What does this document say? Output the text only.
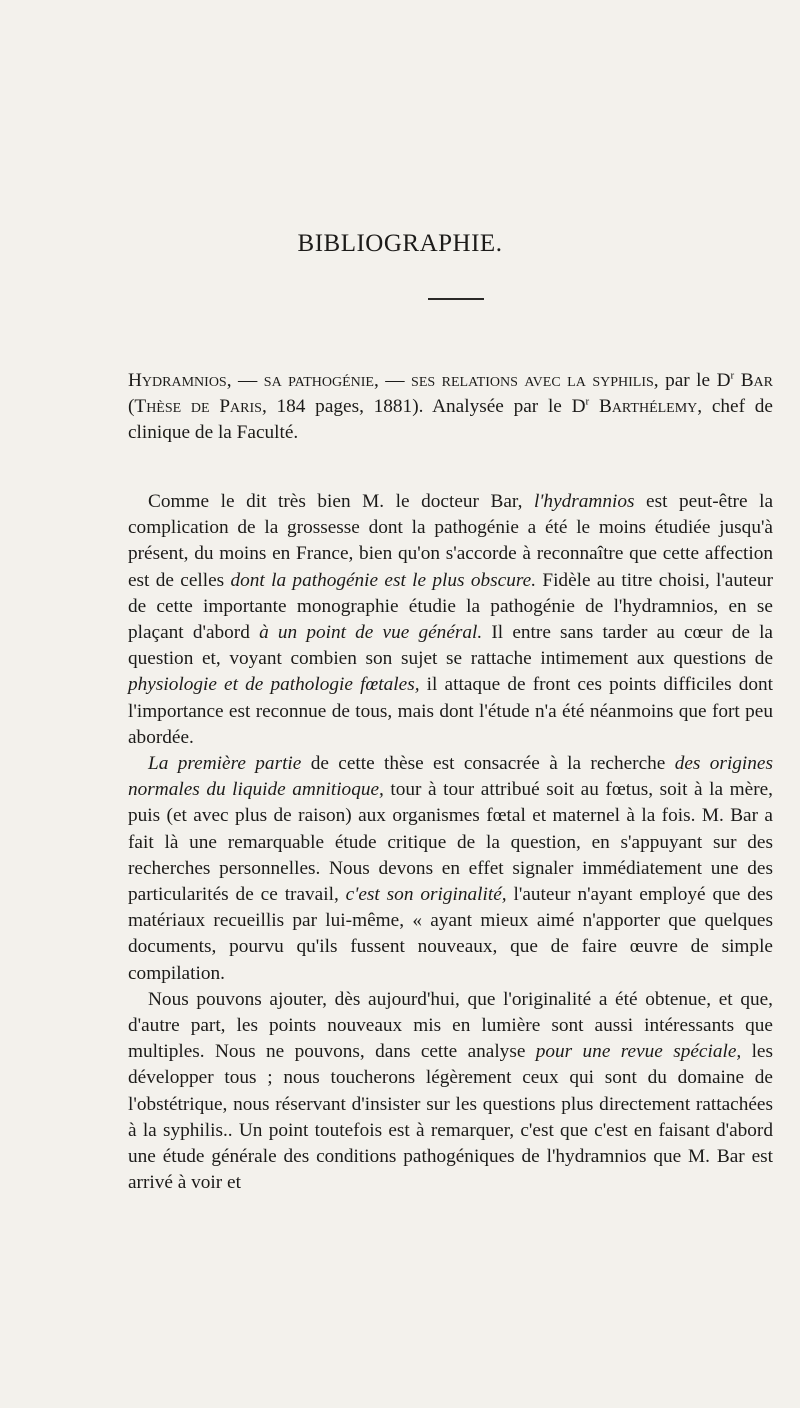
BIBLIOGRAPHIE.

Hydramnios, — sa pathogénie, — ses relations avec la syphilis, par le $D^r$ Bar (Thèse de Paris, 184 pages, 1881). Analysée par le $D^r$ Barthélemy, chef de clinique de la Faculté.

Comme le dit très bien M. le docteur Bar, l'hydramnios est peut-être la complication de la grossesse dont la pathogénie a été le moins étudiée jusqu'à présent, du moins en France, bien qu'on s'accorde à reconnaître que cette affection est de celles dont la pathogénie est le plus obscure. Fidèle au titre choisi, l'auteur de cette importante monographie étudie la pathogénie de l'hydramnios, en se plaçant d'abord à un point de vue général. Il entre sans tarder au cœur de la question et, voyant combien son sujet se rattache intimement aux questions de physiologie et de pathologie fœtales, il attaque de front ces points difficiles dont l'importance est reconnue de tous, mais dont l'étude n'a été néanmoins que fort peu abordée.

La première partie de cette thèse est consacrée à la recherche des origines normales du liquide amnitioque, tour à tour attribué soit au fœtus, soit à la mère, puis (et avec plus de raison) aux organismes fœtal et maternel à la fois. M. Bar a fait là une remarquable étude critique de la question, en s'appuyant sur des recherches personnelles. Nous devons en effet signaler immédiatement une des particularités de ce travail, c'est son originalité, l'auteur n'ayant employé que des matériaux recueillis par lui-même, « ayant mieux aimé n'apporter que quelques documents, pourvu qu'ils fussent nouveaux, que de faire œuvre de simple compilation.

Nous pouvons ajouter, dès aujourd'hui, que l'originalité a été obtenue, et que, d'autre part, les points nouveaux mis en lumière sont aussi intéressants que multiples. Nous ne pouvons, dans cette analyse pour une revue spéciale, les développer tous ; nous toucherons légèrement ceux qui sont du domaine de l'obstétrique, nous réservant d'insister sur les questions plus directement rattachées à la syphilis.. Un point toutefois est à remarquer, c'est que c'est en faisant d'abord une étude générale des conditions pathogéniques de l'hydramnios que M. Bar est arrivé à voir et
